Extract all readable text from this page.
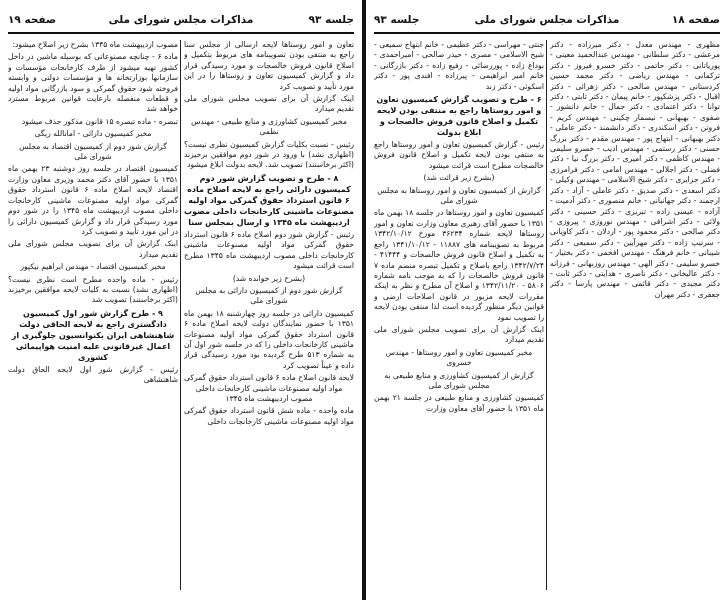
جلسه ۹۳
مذاکرات مجلس شورای ملی
صفحه ۱۹

تعاون و امور روستاها لایحه ارسالی از مجلس سنا راجع به منتفی بودن تصویبنامه های مربوط بتکمیل و اصلاح قانون فروش خالصجات و مورد رسیدگی قرار داد و گزارش کمیسیون تعاون و روستاها را در این مورد تأیید و تصویب کرد

اینک گزارش آن برای تصویب مجلس شورای ملی تقدیم میدارد

مخبر کمیسیون کشاورزی و منابع طبیعی - مهندس نظمی

رئیس - نسبت بکلیات گزارش کمیسیون نظری نیست؟ (اظهاری نشد) با ورود در شور دوم موافقین برخیزند (اکثر برخاستند) تصویب شد. لایحه بدولت ابلاغ میشود

۸ - طرح و تصویب گزارش شور دوم کمیسیون دارائی راجع به لایحه اصلاح ماده ۶ قانون استرداد حقوق گمرکی مواد اولیه مصنوعات ماشینی کارخانجات داخلی مصوب اردیبهشت ماه ۱۳۴۵ و ارسال بمجلس سنا

رئیس - گزارش شور دوم اصلاح ماده ۶ قانون استرداد حقوق گمرکی مواد اولیه مصنوعات ماشینی کارخانجات داخلی مصوب اردیبهشت ماه ۱۳۴۵ مطرح است قرائت میشود

(بشرح زیر خوانده شد)

گزارش شور دوم از کمیسیون دارائی به مجلس شورای ملی

کمیسیون دارائی در جلسه روز چهارشنبه ۱۸ بهمن ماه ۱۳۵۱ با حضور نمایندگان دولت لایحه اصلاح ماده ۶ قانون استرداد حقوق گمرکی مواد اولیه مصنوعات ماشینی کارخانجات داخلی را که در جلسه شور اول آن به شماره ۵۱۳ طرح گردیده بود مورد رسیدگی قرار داده و عیناً تصویب کرد

لایحه قانون اصلاح ماده ۶ قانون استرداد حقوق گمرکی مواد اولیه مصنوعات ماشینی کارخانجات داخلی مصوب اردیبهشت ماه ۱۳۴۵

ماده واحده - ماده شش قانون استرداد حقوق گمرکی مواد اولیه مصنوعات ماشینی کارخانجات داخلی

مصوب اردیبهشت ماه ۱۳۴۵ بشرح زیر اصلاح میشود:

ماده ۶ - چنانچه مصنوعاتی که بوسیله ماشین در داخل کشور تهیه میشود از طرف کارخانجات مؤسسات و سازمانها بوزارتخانه ها و مؤسسات دولتی و وابسته فروخته شود حقوق گمرکی و سود بازرگانی مواد اولیه و قطعات منفصله بارعایت قوانین مربوط مسترد خواهد شد

تبصره - ماده تبصره ۱۵ قانون مذکور حذف میشود

مخبر کمیسیون دارائی - امانالله ریگی

گزارش شور دوم از کمیسیون اقتصاد به مجلس شورای ملی

کمیسیون اقتصاد در جلسه روز دوشنبه ۲۳ بهمن ماه ۱۳۵۱ با حضور آقای دکتر محمد وزیری معاون وزارت اقتصاد لایحه اصلاح ماده ۶ قانون استرداد حقوق گمرکی مواد اولیه مصنوعات ماشینی کارخانجات داخلی مصوب اردیبهشت ماه ۱۳۴۵ را در شور دوم مورد رسیدگی قرار داد و گزارش کمیسیون دارائی را در این مورد تأیید و تصویب کرد

اینک گزارش آن برای تصویب مجلس شورای ملی تقدیم میدارد

مخبر کمیسیون اقتصاد - مهندس ابراهیم نیکپور

رئیس - ماده واحده مطرح است نظری نیست؟ (اظهاری نشد) نسبت به کلیات لایحه موافقین برخیزند (اکثر برخاستند) تصویب شد

۹ - طرح گزارش شور اول کمیسیون دادگستری راجع به لایحه الحاقی دولت شاهنشاهی ایران بکنوانسیون جلوگیری از اعمال غیرقانونی علیه امنیت هواپیمائی کشوری

رئیس - گزارش شور اول لایحه الحاق دولت شاهنشاهی

صفحه ۱۸
مذاکرات مجلس شورای ملی
جلسه ۹۳

مظهری - مهندس معدل - دکتر میرزاده - دکتر مرعشی - دکتر سلطانی - مهندس عبدالحمید معینی - پوریاتانی - دکتر حاتمی - دکتر خسرو فیروز - دکتر ترکمانی - مهندس ریاضی - دکتر محمد حسین کردستانی - مهندس صالحی - دکتر زهرائی - دکتر اقبال - دکتر پزشکپور - خانم پیمان - دکتر ثابتی - دکتر توانا - دکتر اعتمادی - دکتر جمال - خانم دانشور - صفوی - بهبهانی - نیسمار چکینی - مهندس کریم - فروتن - دکتر اسکندری - دکتر دانشمند - دکتر عاملی - دکتر بهبهانی - ابتهاج پور - مهندس مقدم - دکتر بزرگ حسنی - دکتر رستمی - مهندس ادیب - خسرو سلیمی - مهندس کاظمی - دکتر امیری - دکتر بزرگ نیا - دکتر فضلی - دکتر اجلالی - مهندس امامی - دکتر فرامرزی - دکتر جزایری - دکتر شیخ الاسلامی - مهندس وکیلی - دکتر اسعدی - دکتر صدیق - دکتر عاملی - آزاد - دکتر ارجمند - دکتر جهانبانی - خانم منصوری - دکتر آدمیت - آزاده - عیسی زاده - تبریزی - دکتر حسینی - دکتر ولائی - دکتر اشراقی - مهندس نوروزی - پیروزی - دکتر صالحی - دکتر محمود پور - اردلان - دکتر کاویانی - سرتیپ زاده - دکتر مهرآیین - دکتر سمیعی - دکتر شیبانی - خانم فرهنگ - مهندس افخمی - دکتر بختیار - خسرو سلیمی - دکتر الهی - مهندس روزبهانی - فرزانه - دکتر عالیخانی - دکتر ناصری - هدایتی - دکتر ثابت - دکتر مجیدی - دکتر قائمی - مهندس پارسا - دکتر جعفری - دکتر مهران

جنتی - مهراسی - دکتر عظیمی - خانم ابتهاج سمیعی - شیخ الاسلامی - مصری - حیدر صالحی - امیراحمدی - بوداغ زاده - پوررضائی - رفیع زاده - دکتر بازرگانی - خانم امیر ابراهیمی - پیرزاده - افندی پور - دکتر اسکوئی - دکتر زند

۶ - طرح و تصویب گزارش کمیسیون تعاون و امور روستاها راجع به منتفی بودن لایحه تکمیل و اصلاح قانون فروش خالصجات و ابلاغ بدولت

رئیس - گزارش کمیسیون تعاون و امور روستاها راجع به منتفی بودن لایحه تکمیل و اصلاح قانون فروش خالصجات مطرح است قرائت میشود

(بشرح زیر قرائت شد)

گزارش از کمیسیون تعاون و امور روستاها به مجلس شورای ملی

کمیسیون تعاون و امور روستاها در جلسه ۱۸ بهمن ماه ۱۳۵۱ با حضور آقای رهبری معاون وزارت تعاون و امور روستاها لایحه شماره ۳۶۲۳۴ مورخ ۱۳۴۲/۱۰/۱۲ مربوط به تصویبنامه های ۱۱۸۸۷ - ۱۳۴۱/۱۰/۱۲ راجع به تکمیل و اصلاح قانون فروش خالصجات و ۴۱۴۴۴ - ۱۳۴۲/۷/۲۴ راجع باصلاح و تکمیل تبصره منضم ماده ۷ قانون فروش خالصجات را که به موجب نامه شماره ۵۸۰۶ - ۱۳۴۲/۱۱/۲۰ و اصلاح آن مطرح و نظر به اینکه مقررات لایحه مزبور در قانون اصلاحات ارضی و قوانین دیگر منظور گردیده است لذا منتفی بودن لایحه را تصویب نمود

اینک گزارش آن برای تصویب مجلس شورای ملی تقدیم میدارد

مخبر کمیسیون تعاون و امور روستاها - مهندس خسروی

گزارش از کمیسیون کشاورزی و منابع طبیعی به مجلس شورای ملی

کمیسیون کشاورزی و منابع طبیعی در جلسه ۲۱ بهمن ماه ۱۳۵۱ با حضور آقای معاون وزارت
